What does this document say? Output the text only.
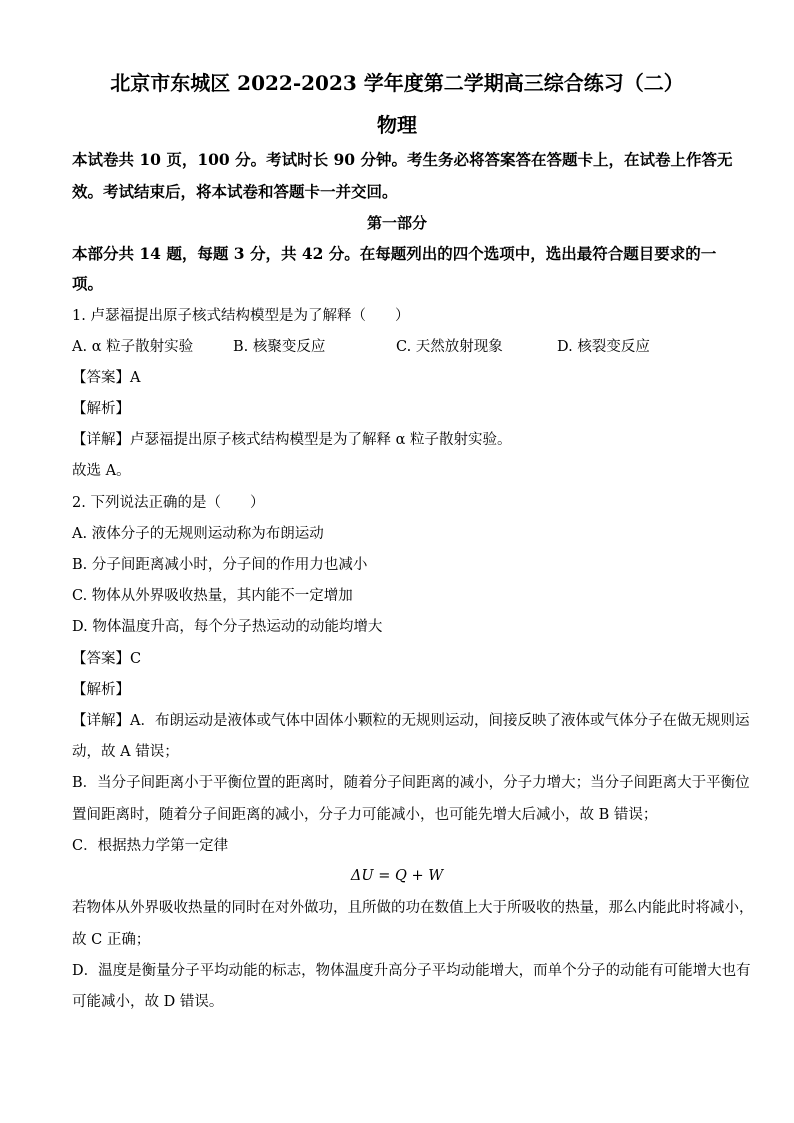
北京市东城区 2022-2023 学年度第二学期高三综合练习（二）
物理
本试卷共 10 页，100 分。考试时长 90 分钟。考生务必将答案答在答题卡上，在试卷上作答无
效。考试结束后，将本试卷和答题卡一并交回。
第一部分
本部分共 14 题，每题 3 分，共 42 分。在每题列出的四个选项中，选出最符合题目要求的一
项。
1. 卢瑟福提出原子核式结构模型是为了解释（　　）
A. α 粒子散射实验	B. 核聚变反应	C. 天然放射现象	D. 核裂变反应
【答案】A
【解析】
【详解】卢瑟福提出原子核式结构模型是为了解释 α 粒子散射实验。
故选 A。
2. 下列说法正确的是（　　）
A. 液体分子的无规则运动称为布朗运动
B. 分子间距离减小时，分子间的作用力也减小
C. 物体从外界吸收热量，其内能不一定增加
D. 物体温度升高，每个分子热运动的动能均增大
【答案】C
【解析】
【详解】A．布朗运动是液体或气体中固体小颗粒的无规则运动，间接反映了液体或气体分子在做无规则运
动，故 A 错误；
B．当分子间距离小于平衡位置的距离时，随着分子间距离的减小，分子力增大；当分子间距离大于平衡位
置间距离时，随着分子间距离的减小，分子力可能减小，也可能先增大后减小，故 B 错误；
C．根据热力学第一定律
ΔU = Q + W
若物体从外界吸收热量的同时在对外做功，且所做的功在数值上大于所吸收的热量，那么内能此时将减小，
故 C 正确；
D．温度是衡量分子平均动能的标志，物体温度升高分子平均动能增大，而单个分子的动能有可能增大也有
可能减小，故 D 错误。
